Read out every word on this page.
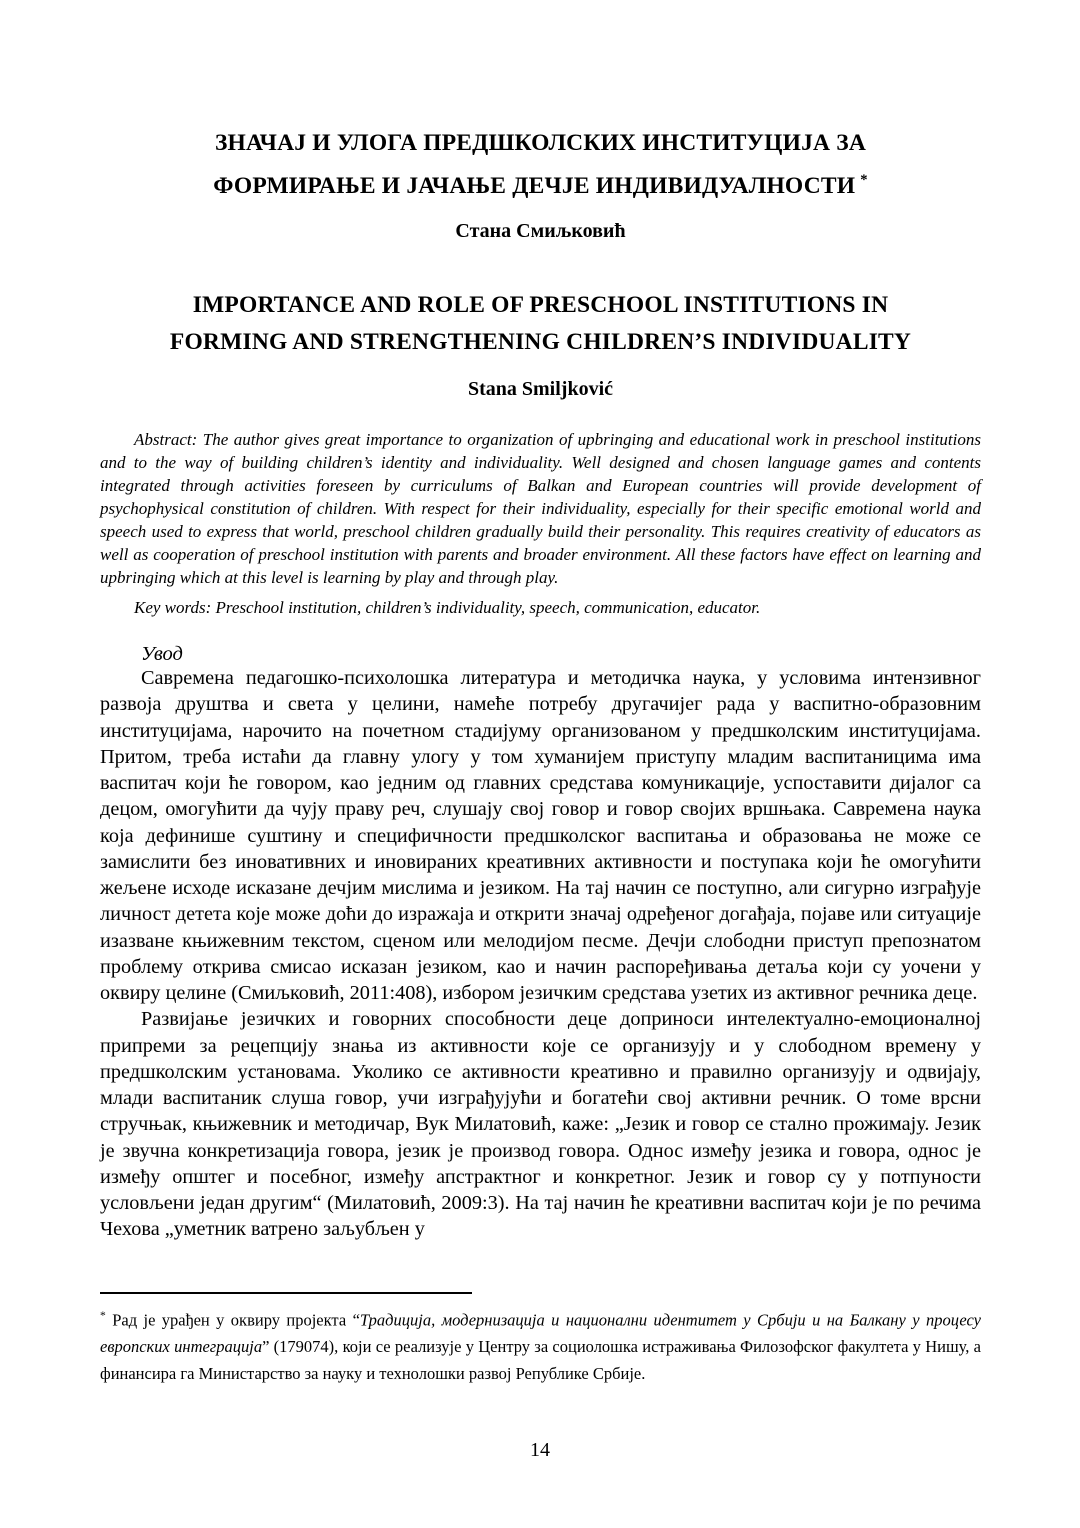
ЗНАЧАЈ И УЛОГА ПРЕДШКОЛСКИХ ИНСТИТУЦИЈА ЗА
ФОРМИРАЊЕ И ЈАЧАЊЕ ДЕЧЈЕ ИНДИВИДУАЛНОСТИ *
Стана Смиљковић
IMPORTANCE AND ROLE OF PRESCHOOL INSTITUTIONS IN
FORMING AND STRENGTHENING CHILDREN’S INDIVIDUALITY
Stana Smiljković

Abstract: The author gives great importance to organization of upbringing and educational work in preschool institutions and to the way of building children’s identity and individuality. Well designed and chosen language games and contents integrated through activities foreseen by curriculums of Balkan and European countries will provide development of psychophysical constitution of children. With respect for their individuality, especially for their specific emotional world and speech used to express that world, preschool children gradually build their personality. This requires creativity of educators as well as cooperation of preschool institution with parents and broader environment. All these factors have effect on learning and upbringing which at this level is learning by play and through play.

Key words: Preschool institution, children’s individuality, speech, communication, educator.

Увод

Савремена педагошко-психолошка литература и методичка наука, у условима интензивног развоја друштва и света у целини, намеће потребу другачијег рада у васпитно-образовним институцијама, нарочито на почетном стадијуму организованом у предшколским институцијама. Притом, треба истаћи да главну улогу у том хуманијем приступу младим васпитаницима има васпитач који ће говором, као једним од главних средстава комуникације, успоставити дијалог са децом, омогућити да чују праву реч, слушају свој говор и говор својих вршњака. Савремена наука која дефинише суштину и специфичности предшколског васпитања и образовања не може се замислити без иновативних и иновираних креативних активности и поступака који ће омогућити жељене исходе исказане дечјим мислима и језиком. На тај начин се поступно, али сигурно изграђује личност детета које може доћи до изражаја и открити значај одређеног догађаја, појаве или ситуације изазване књижевним текстом, сценом или мелодијом песме. Дечји слободни приступ препознатом проблему открива смисао исказан језиком, као и начин распоређивања детаља који су уочени у оквиру целине (Смиљковић, 2011:408), избором језичким средстава узетих из активног речника деце.

Развијање језичких и говорних способности деце доприноси интелектуално-емоционалној припреми за рецепцију знања из активности које се организују и у слободном времену у предшколским установама. Уколико се активности креативно и правилно организују и одвијају, млади васпитаник слуша говор, учи изграђујући и богатећи свој активни речник. О томе врсни стручњак, књижевник и методичар, Вук Милатовић, каже: „Језик и говор се стално прожимају. Језик је звучна конкретизација говора, језик је производ говора. Однос између језика и говора, однос је између општег и посебног, између апстрактног и конкретног. Језик и говор су у потпуности условљени један другим“ (Милатовић, 2009:3). На тај начин ће креативни васпитач који је по речима Чехова „уметник ватрено заљубљен у

* Рад је урађен у оквиру пројекта “Традиција, модернизација и национални идентитет у Србији и на Балкану у процесу европских интеграција” (179074), који се реализује у Центру за социолошка истраживања Филозофског факултета у Нишу, а финансира га Министарство за науку и технолошки развој Републике Србије.

14
